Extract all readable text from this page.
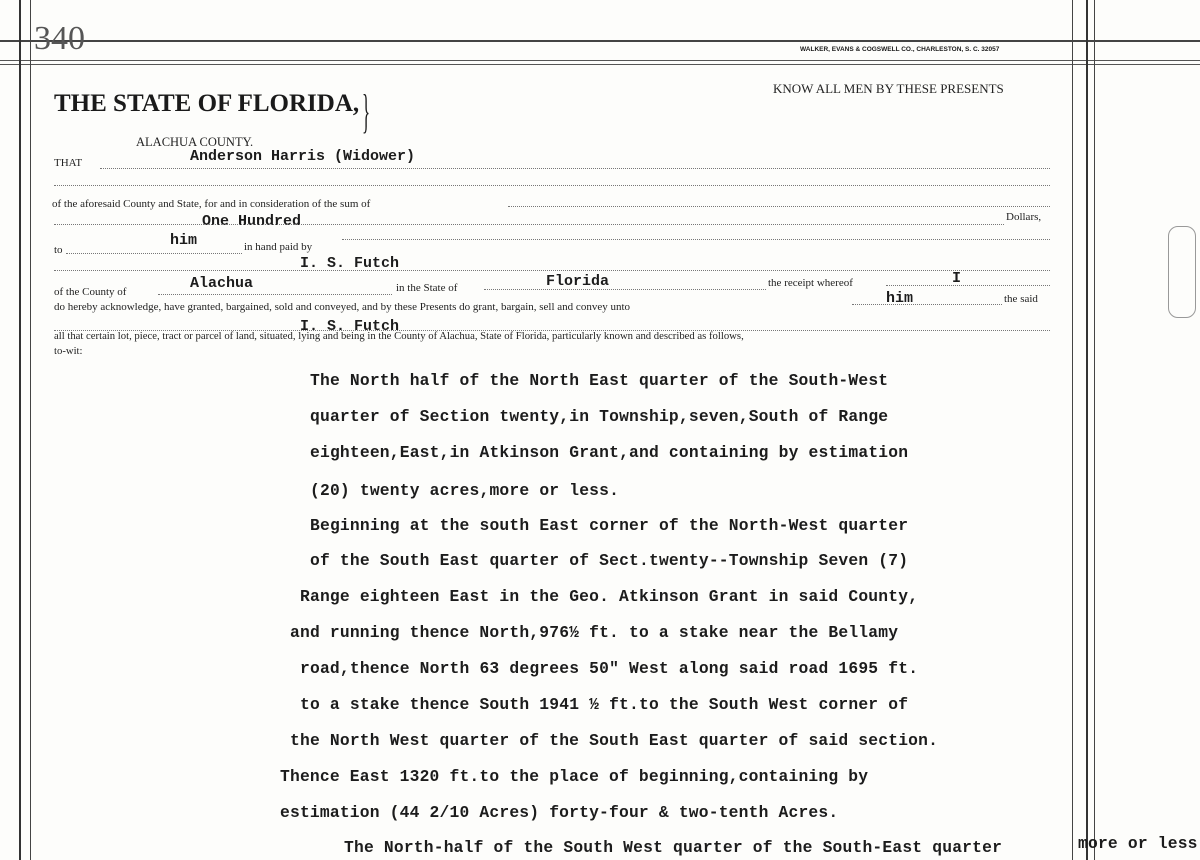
340	WALKER, EVANS & COGSWELL CO., CHARLESTON, S. C. 32057
THE STATE OF FLORIDA, }
ALACHUA COUNTY.
KNOW ALL MEN BY THESE PRESENTS
THAT	Anderson Harris (Widower)
of the aforesaid County and State, for and in consideration of the sum of
One Hundred	Dollars,
to
him	in hand paid by
I. S. Futch
of the County of	Alachua	in the State of	Florida	the receipt whereof	I
do hereby acknowledge, have granted, bargained, sold and conveyed, and by these Presents do grant, bargain, sell and convey unto	him	the said
I. S. Futch
all that certain lot, piece, tract or parcel of land, situated, lying and being in the County of Alachua, State of Florida, particularly known and described as follows,
to-wit:
The North half of the North East quarter of the South-West
quarter of Section twenty,in Township,seven,South of Range
eighteen,East,in Atkinson Grant,and containing by estimation
(20) twenty acres,more or less.
Beginning at the south East corner of the North-West quarter
of the South East quarter of Sect.twenty--Township Seven (7)
Range eighteen East in the Geo. Atkinson Grant in said County,
and running thence North,976½ ft. to a stake near the Bellamy
road,thence North 63 degrees 50" West along said road 1695 ft.
to a stake thence South 1941 ½ ft.to the South West corner of
the North West quarter of the South East quarter of said section.
Thence East 1320 ft.to the place of beginning,containing by
estimation (44 2/10 Acres) forty-four & two-tenth Acres.
The North-half of the South West quarter of the South-East quarter	more or less
